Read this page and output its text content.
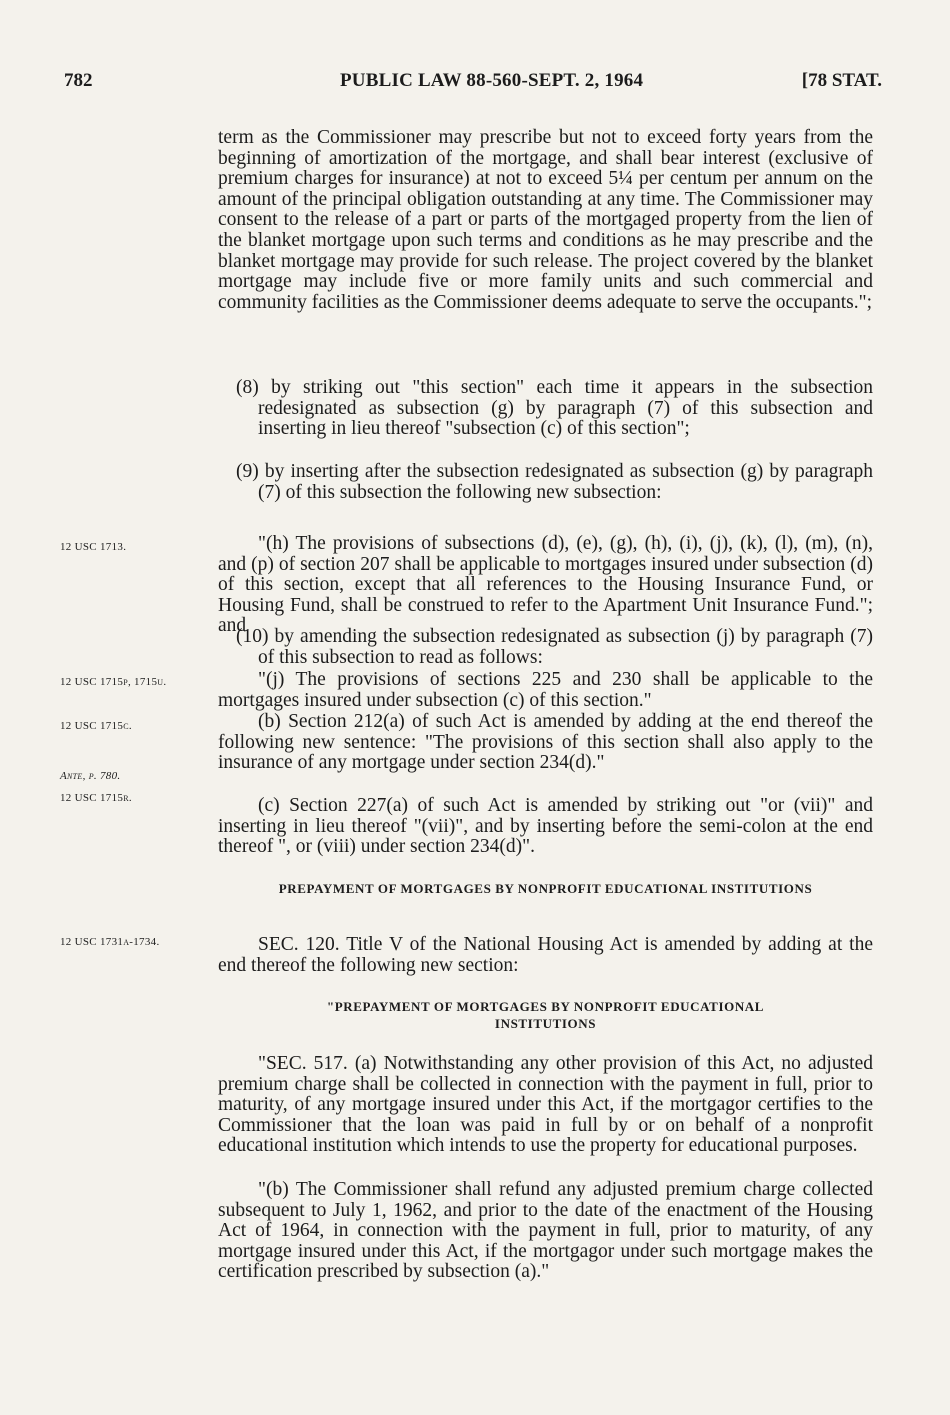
782	PUBLIC LAW 88-560-SEPT. 2, 1964	[78 STAT.
12 USC 1713.
12 USC 1715p, 1715u.
12 USC 1715c.
Ante, p. 780.
12 USC 1715r.
12 USC 1731a-1734.

term as the Commissioner may prescribe but not to exceed forty years from the beginning of amortization of the mortgage, and shall bear interest (exclusive of premium charges for insurance) at not to exceed 5¼ per centum per annum on the amount of the principal obligation outstanding at any time. The Commissioner may consent to the release of a part or parts of the mortgaged property from the lien of the blanket mortgage upon such terms and conditions as he may prescribe and the blanket mortgage may provide for such release. The project covered by the blanket mortgage may include five or more family units and such commercial and community facilities as the Commissioner deems adequate to serve the occupants.";

(8) by striking out "this section" each time it appears in the subsection redesignated as subsection (g) by paragraph (7) of this subsection and inserting in lieu thereof "subsection (c) of this section";

(9) by inserting after the subsection redesignated as subsection (g) by paragraph (7) of this subsection the following new subsection:

"(h) The provisions of subsections (d), (e), (g), (h), (i), (j), (k), (l), (m), (n), and (p) of section 207 shall be applicable to mortgages insured under subsection (d) of this section, except that all references to the Housing Insurance Fund, or Housing Fund, shall be construed to refer to the Apartment Unit Insurance Fund."; and

(10) by amending the subsection redesignated as subsection (j) by paragraph (7) of this subsection to read as follows:

"(j) The provisions of sections 225 and 230 shall be applicable to the mortgages insured under subsection (c) of this section."

(b) Section 212(a) of such Act is amended by adding at the end thereof the following new sentence: "The provisions of this section shall also apply to the insurance of any mortgage under section 234(d)."

(c) Section 227(a) of such Act is amended by striking out "or (vii)" and inserting in lieu thereof "(vii)", and by inserting before the semi-colon at the end thereof ", or (viii) under section 234(d)".

PREPAYMENT OF MORTGAGES BY NONPROFIT EDUCATIONAL INSTITUTIONS

SEC. 120. Title V of the National Housing Act is amended by adding at the end thereof the following new section:

"PREPAYMENT OF MORTGAGES BY NONPROFIT EDUCATIONAL INSTITUTIONS

"SEC. 517. (a) Notwithstanding any other provision of this Act, no adjusted premium charge shall be collected in connection with the payment in full, prior to maturity, of any mortgage insured under this Act, if the mortgagor certifies to the Commissioner that the loan was paid in full by or on behalf of a nonprofit educational institution which intends to use the property for educational purposes.

"(b) The Commissioner shall refund any adjusted premium charge collected subsequent to July 1, 1962, and prior to the date of the enactment of the Housing Act of 1964, in connection with the payment in full, prior to maturity, of any mortgage insured under this Act, if the mortgagor under such mortgage makes the certification prescribed by subsection (a)."
